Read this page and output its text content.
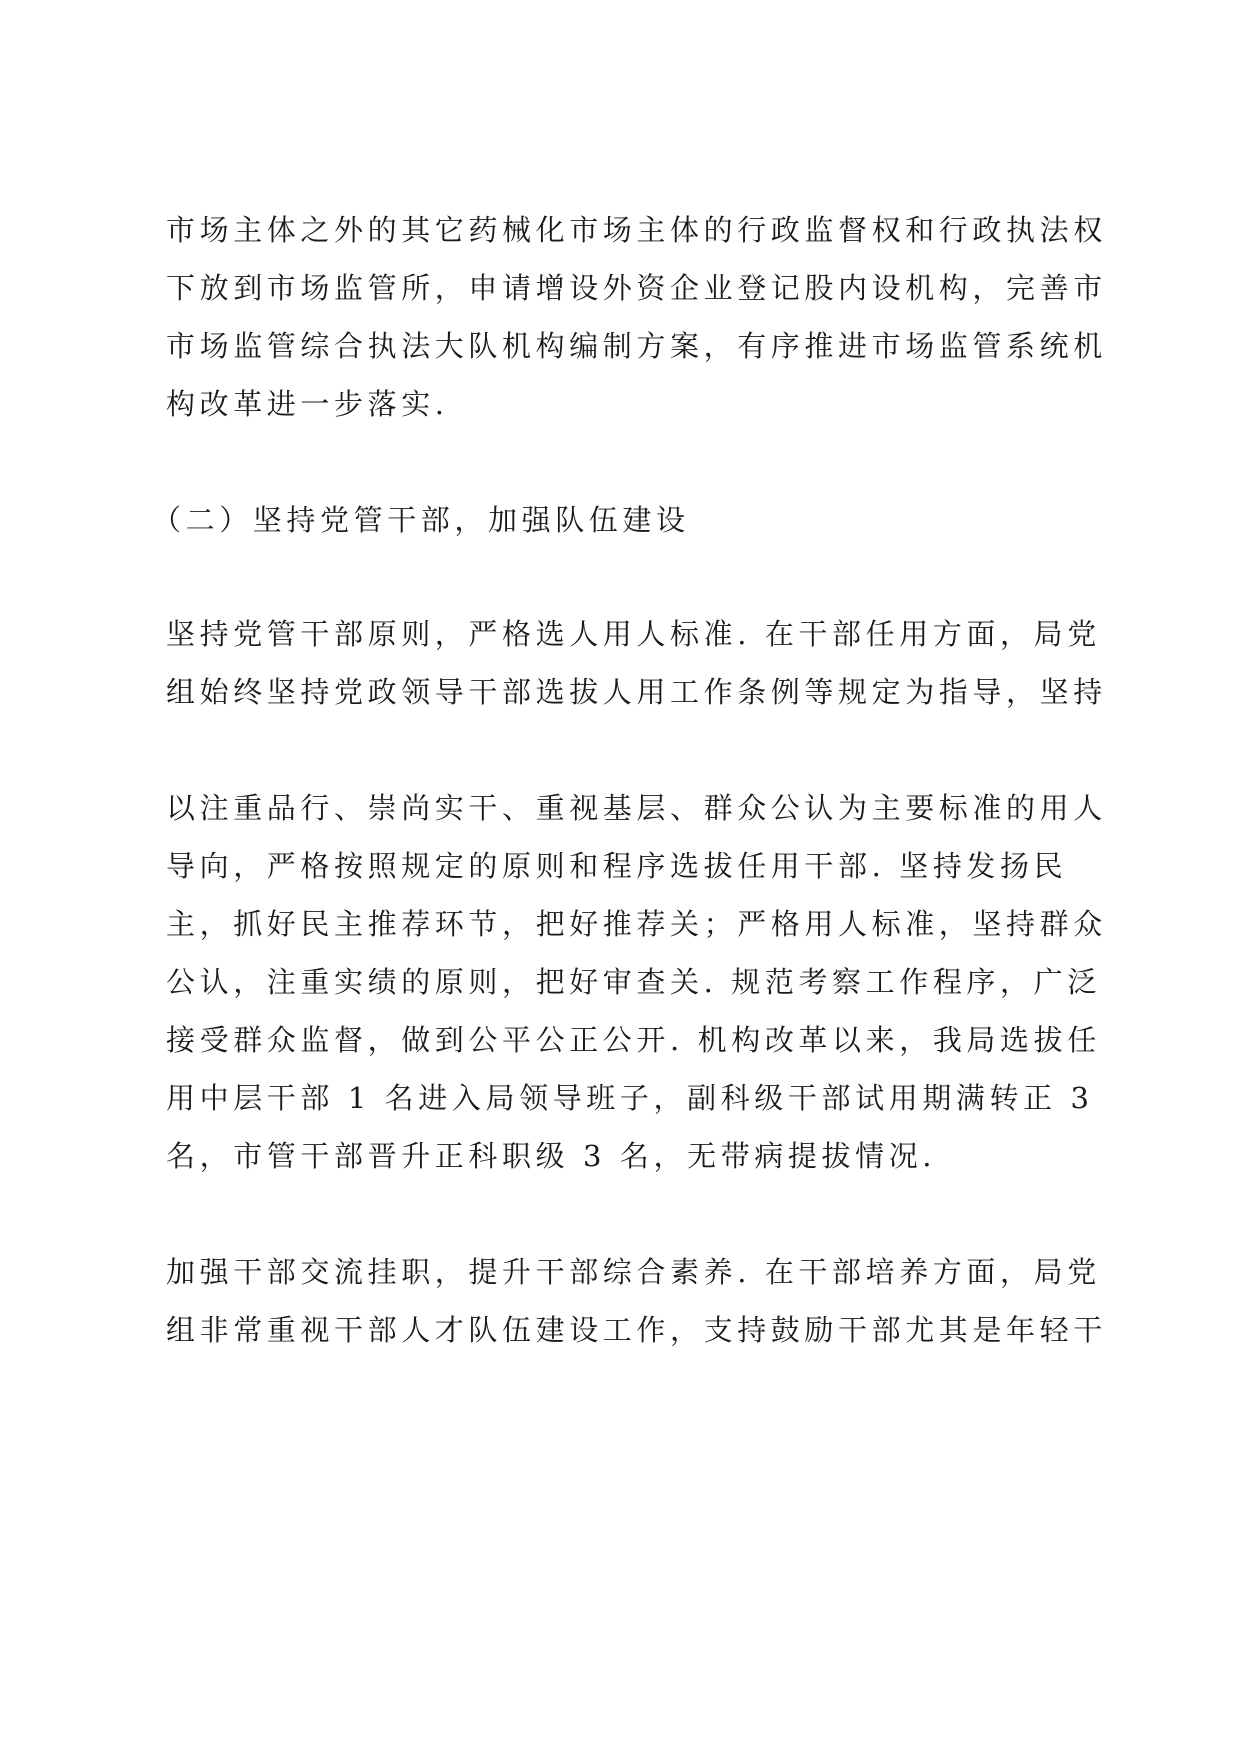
市场主体之外的其它药械化市场主体的行政监督权和行政执法权
下放到市场监管所，申请增设外资企业登记股内设机构，完善市
市场监管综合执法大队机构编制方案，有序推进市场监管系统机
构改革进一步落实.
（二）坚持党管干部，加强队伍建设
坚持党管干部原则，严格选人用人标准. 在干部任用方面，局党
组始终坚持党政领导干部选拔人用工作条例等规定为指导，坚持
以注重品行、崇尚实干、重视基层、群众公认为主要标准的用人
导向，严格按照规定的原则和程序选拔任用干部. 坚持发扬民
主，抓好民主推荐环节，把好推荐关；严格用人标准，坚持群众
公认，注重实绩的原则，把好审查关. 规范考察工作程序，广泛
接受群众监督，做到公平公正公开. 机构改革以来，我局选拔任
用中层干部 1 名进入局领导班子，副科级干部试用期满转正 3
名，市管干部晋升正科职级 3 名，无带病提拔情况.
加强干部交流挂职，提升干部综合素养. 在干部培养方面，局党
组非常重视干部人才队伍建设工作，支持鼓励干部尤其是年轻干
